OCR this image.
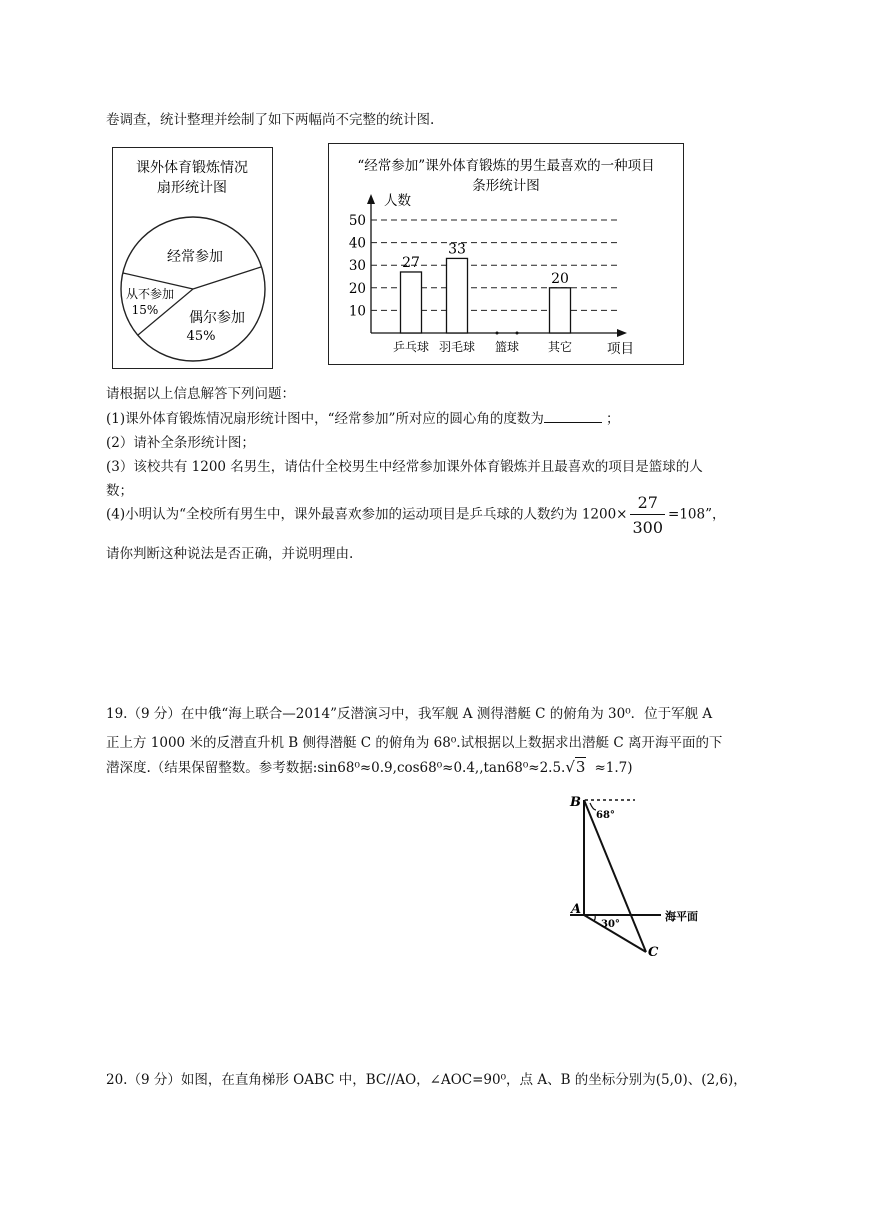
卷调查，统计整理并绘制了如下两幅尚不完整的统计图.
课外体育锻炼情况
扇形统计图
经常参加
从不参加
15% 偶尔参加
45%
“经常参加”课外体育锻炼的男生最喜欢的一种项目
条形统计图
人数
项目
10
20
30
40
50
27
乒乓球
33
羽毛球 篮球
20
其它
请根据以上信息解答下列问题：
(1)课外体育锻炼情况扇形统计图中，“经常参加”所对应的圆心角的度数为	；
(2）请补全条形统计图；
(3）该校共有 1200 名男生，请估什全校男生中经常参加课外体育锻炼并且最喜欢的项目是篮球的人
数；
(4)小明认为“全校所有男生中，课外最喜欢参加的运动项目是乒乓球的人数约为 $1200\times \frac{27}{300} =108$”，
请你判断这种说法是否正确，并说明理由.
19.（9 分）在中俄“海上联合—2014”反潜演习中，我军舰 A 测得潜艇 C 的俯角为 30⁰．位于军舰 A
正上方 1000 米的反潜直升机 B 侧得潜艇 C 的俯角为 68⁰.试根据以上数据求出潜艇 C 离开海平面的下
潜深度.（结果保留整数。参考数据:sin68⁰≈0.9,cos68⁰≈0.4,,tan68⁰≈2.5.√3 ≈1.7)
B
A
C
68°
30°
海平面
20.（9 分）如图，在直角梯形 OABC 中，BC//AO，∠AOC=90⁰，点 A、B 的坐标分别为(5,0)、(2,6)，
